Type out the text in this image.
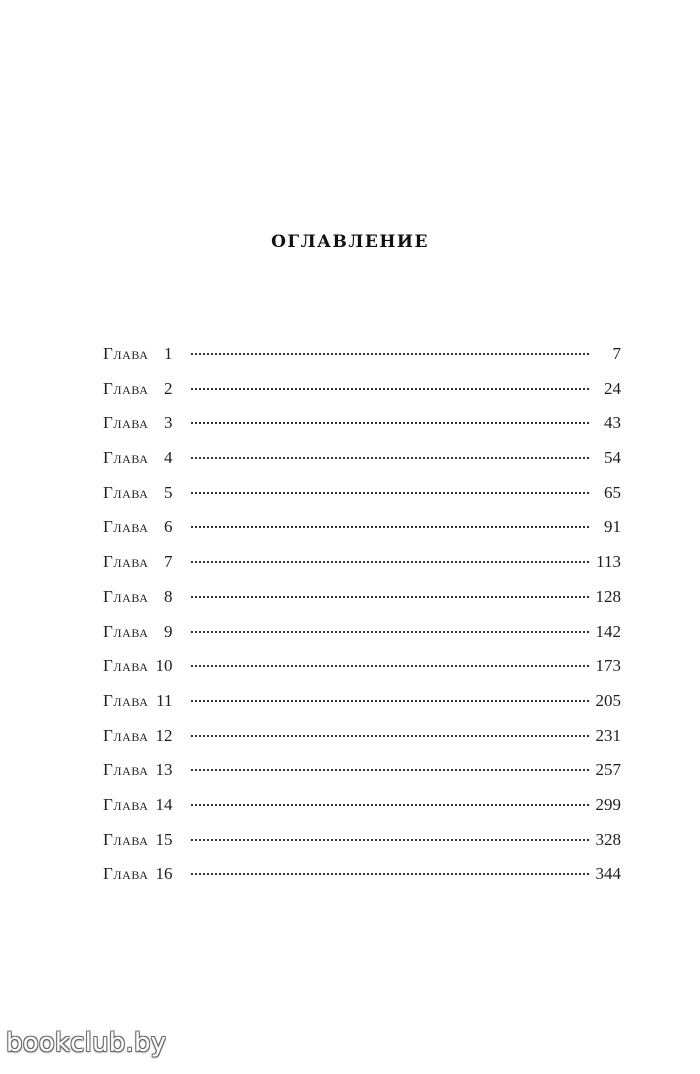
ОГЛАВЛЕНИЕ
Глава 1	7
Глава 2	24
Глава 3	43
Глава 4	54
Глава 5	65
Глава 6	91
Глава 7	113
Глава 8	128
Глава 9	142
Глава 10	173
Глава 11	205
Глава 12	231
Глава 13	257
Глава 14	299
Глава 15	328
Глава 16	344
bookclub.by
